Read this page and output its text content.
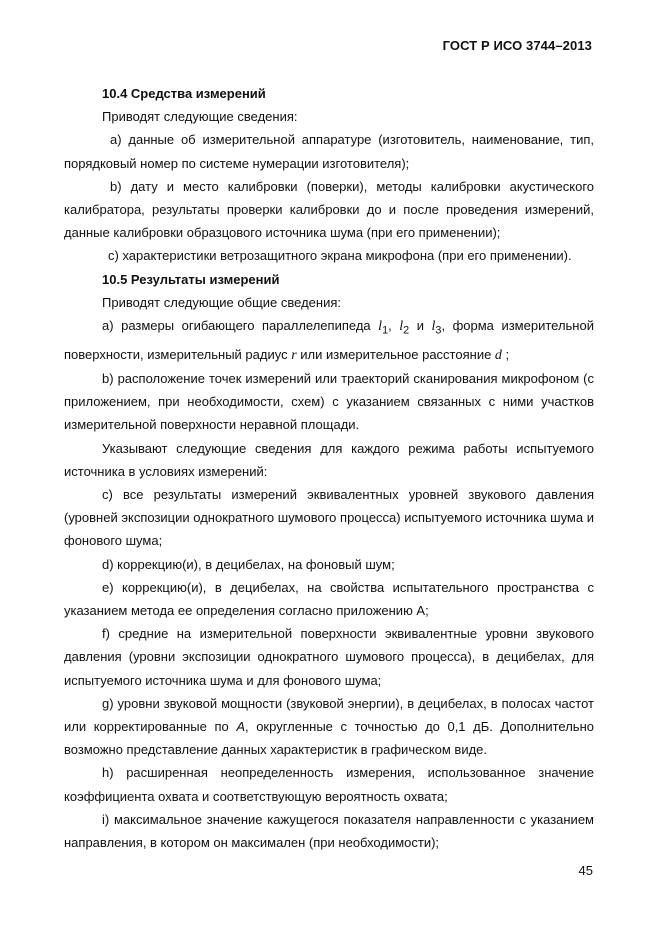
ГОСТ Р ИСО 3744–2013

10.4 Средства измерений

Приводят следующие сведения:

a) данные об измерительной аппаратуре (изготовитель, наименование, тип, порядковый номер по системе нумерации изготовителя);

b) дату и место калибровки (поверки), методы калибровки акустического калибратора, результаты проверки калибровки до и после проведения измерений, данные калибровки образцового источника шума (при его применении);

c) характеристики ветрозащитного экрана микрофона (при его применении).

10.5 Результаты измерений

Приводят следующие общие сведения:

a) размеры огибающего параллелепипеда $l_1$, $l_2$ и $l_3$, форма измерительной поверхности, измерительный радиус r или измерительное расстояние d ;

b) расположение точек измерений или траекторий сканирования микрофоном (с приложением, при необходимости, схем) с указанием связанных с ними участков измерительной поверхности неравной площади.

Указывают следующие сведения для каждого режима работы испытуемого источника в условиях измерений:

c) все результаты измерений эквивалентных уровней звукового давления (уровней экспозиции однократного шумового процесса) испытуемого источника шума и фонового шума;

d) коррекцию(и), в децибелах, на фоновый шум;

e) коррекцию(и), в децибелах, на свойства испытательного пространства с указанием метода ее определения согласно приложению А;

f) средние на измерительной поверхности эквивалентные уровни звукового давления (уровни экспозиции однократного шумового процесса), в децибелах, для испытуемого источника шума и для фонового шума;

g) уровни звуковой мощности (звуковой энергии), в децибелах, в полосах частот или корректированные по А, округленные с точностью до 0,1 дБ. Дополнительно возможно представление данных характеристик в графическом виде.

h) расширенная неопределенность измерения, использованное значение коэффициента охвата и соответствующую вероятность охвата;

i) максимальное значение кажущегося показателя направленности с указанием направления, в котором он максимален (при необходимости);

45
